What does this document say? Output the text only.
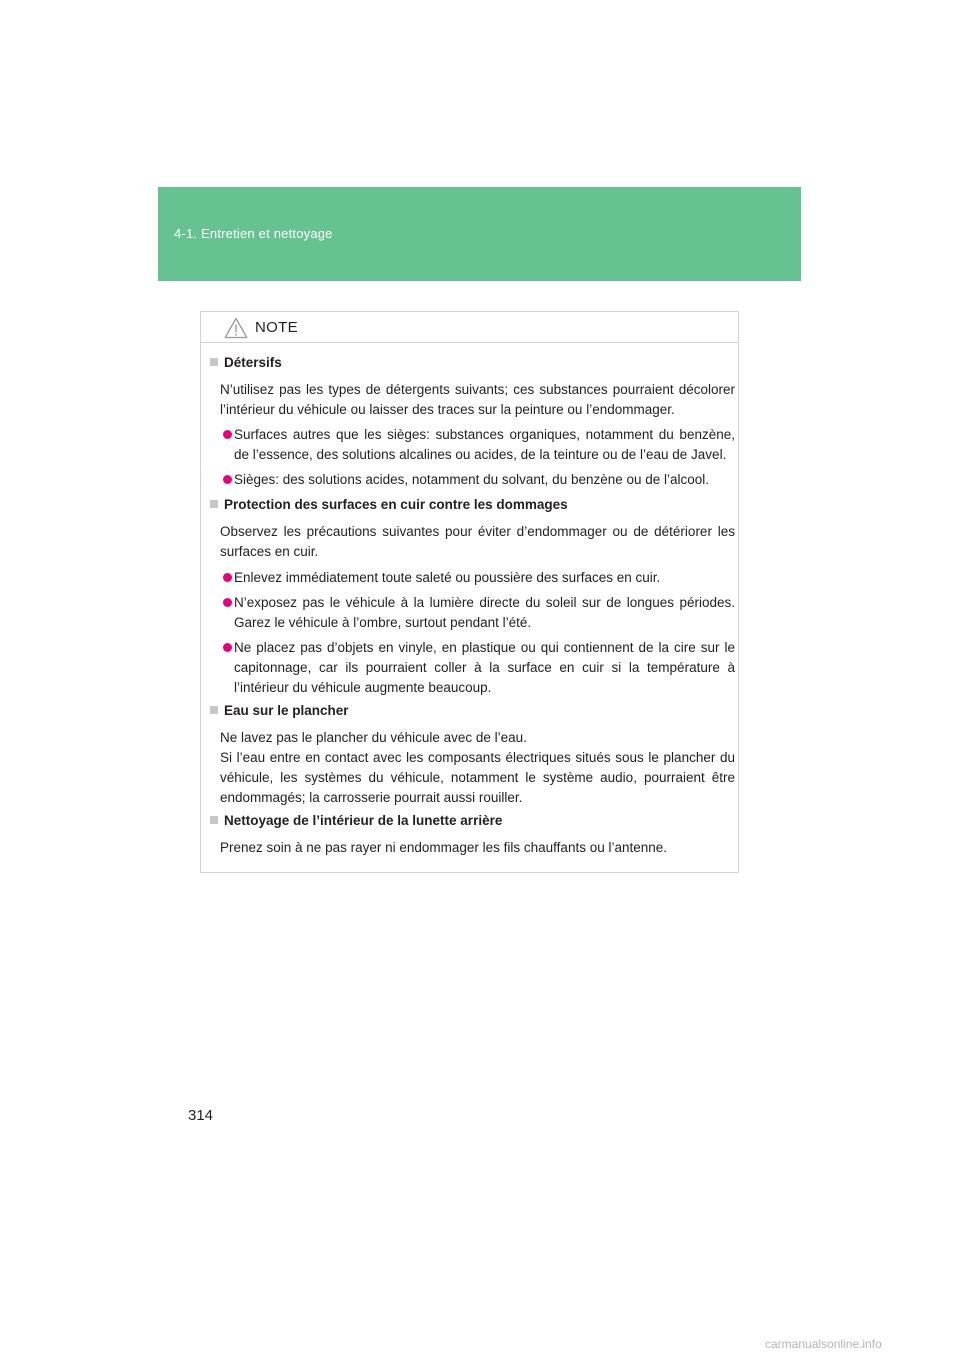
4-1. Entretien et nettoyage
NOTE
Détersifs
N’utilisez pas les types de détergents suivants; ces substances pourraient décolorer l’intérieur du véhicule ou laisser des traces sur la peinture ou l’endommager.
Surfaces autres que les sièges: substances organiques, notamment du benzène, de l’essence, des solutions alcalines ou acides, de la teinture ou de l’eau de Javel.
Sièges: des solutions acides, notamment du solvant, du benzène ou de l’alcool.
Protection des surfaces en cuir contre les dommages
Observez les précautions suivantes pour éviter d’endommager ou de détériorer les surfaces en cuir.
Enlevez immédiatement toute saleté ou poussière des surfaces en cuir.
N’exposez pas le véhicule à la lumière directe du soleil sur de longues périodes. Garez le véhicule à l’ombre, surtout pendant l’été.
Ne placez pas d’objets en vinyle, en plastique ou qui contiennent de la cire sur le capitonnage, car ils pourraient coller à la surface en cuir si la température à l’intérieur du véhicule augmente beaucoup.
Eau sur le plancher
Ne lavez pas le plancher du véhicule avec de l’eau.
Si l’eau entre en contact avec les composants électriques situés sous le plancher du véhicule, les systèmes du véhicule, notamment le système audio, pourraient être endommagés; la carrosserie pourrait aussi rouiller.
Nettoyage de l’intérieur de la lunette arrière
Prenez soin à ne pas rayer ni endommager les fils chauffants ou l’antenne.
314
carmanualsonline.info
